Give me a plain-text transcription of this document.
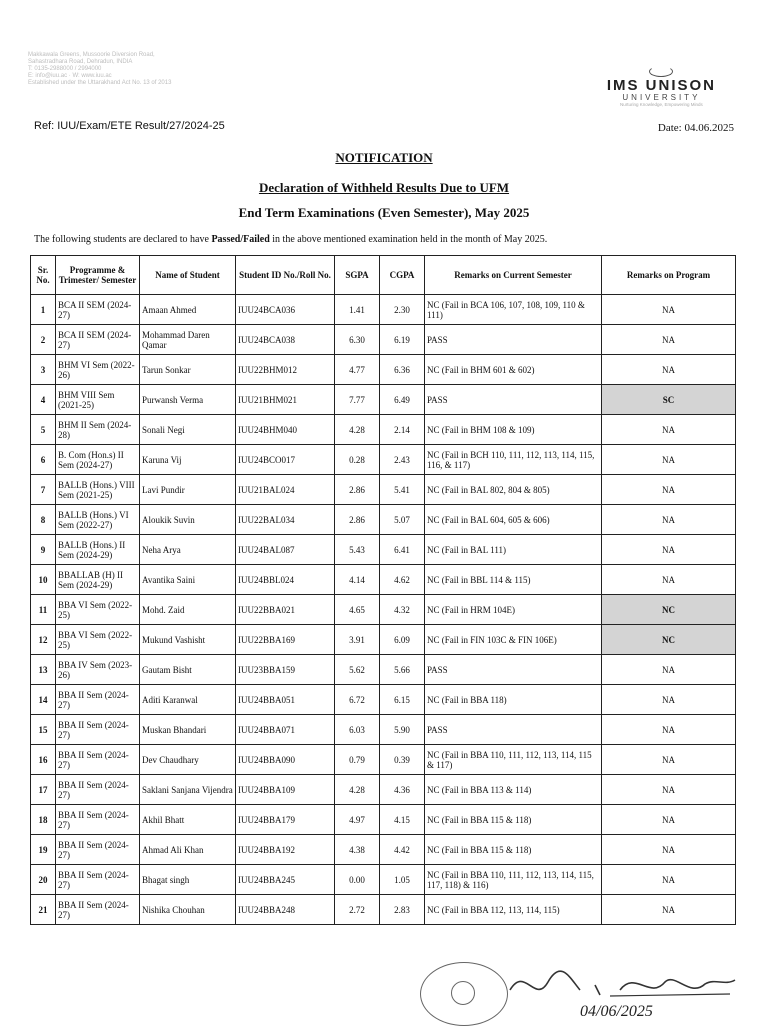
Makkawala Greens, Mussoorie Diversion Road,
Sahastradhara Road, Dehradun, INDIA
T: 0135-2988000 / 2994000
E: info@iuu.ac · W: www.iuu.ac
Established under the Uttarakhand Act No. 13 of 2013	IMS UNISON
UNIVERSITY
Nurturing Knowledge, Empowering Minds
Ref: IUU/Exam/ETE Result/27/2024-25	Date: 04.06.2025
NOTIFICATION
Declaration of Withheld Results Due to UFM
End Term Examinations (Even Semester), May 2025
The following students are declared to have Passed/Failed in the above mentioned examination held in the month of May 2025.
Sr. No.	Programme & Trimester/ Semester	Name of Student	Student ID No./Roll No.	SGPA	CGPA	Remarks on Current Semester	Remarks on Program
1	BCA II SEM (2024-27)	Amaan Ahmed	IUU24BCA036	1.41	2.30	NC (Fail in BCA 106, 107, 108, 109, 110 & 111)	NA
2	BCA II SEM (2024-27)	Mohammad Daren Qamar	IUU24BCA038	6.30	6.19	PASS	NA
3	BHM VI Sem (2022-26)	Tarun Sonkar	IUU22BHM012	4.77	6.36	NC (Fail in BHM 601 & 602)	NA
4	BHM VIII Sem (2021-25)	Purwansh Verma	IUU21BHM021	7.77	6.49	PASS	SC
5	BHM II Sem (2024-28)	Sonali Negi	IUU24BHM040	4.28	2.14	NC (Fail in BHM 108 & 109)	NA
6	B. Com (Hon.s) II Sem (2024-27)	Karuna Vij	IUU24BCO017	0.28	2.43	NC (Fail in BCH 110, 111, 112, 113, 114, 115, 116, & 117)	NA
7	BALLB (Hons.) VIII Sem (2021-25)	Lavi Pundir	IUU21BAL024	2.86	5.41	NC (Fail in BAL 802, 804 & 805)	NA
8	BALLB (Hons.) VI Sem (2022-27)	Aloukik Suvin	IUU22BAL034	2.86	5.07	NC (Fail in BAL 604, 605 & 606)	NA
9	BALLB (Hons.) II Sem (2024-29)	Neha Arya	IUU24BAL087	5.43	6.41	NC (Fail in BAL 111)	NA
10	BBALLAB (H) II Sem (2024-29)	Avantika Saini	IUU24BBL024	4.14	4.62	NC (Fail in BBL 114 & 115)	NA
11	BBA VI Sem (2022-25)	Mohd. Zaid	IUU22BBA021	4.65	4.32	NC (Fail in HRM 104E)	NC
12	BBA VI Sem (2022-25)	Mukund Vashisht	IUU22BBA169	3.91	6.09	NC (Fail in FIN 103C & FIN 106E)	NC
13	BBA IV Sem (2023-26)	Gautam Bisht	IUU23BBA159	5.62	5.66	PASS	NA
14	BBA II Sem (2024-27)	Aditi Karanwal	IUU24BBA051	6.72	6.15	NC (Fail in BBA 118)	NA
15	BBA II Sem (2024-27)	Muskan Bhandari	IUU24BBA071	6.03	5.90	PASS	NA
16	BBA II Sem (2024-27)	Dev Chaudhary	IUU24BBA090	0.79	0.39	NC (Fail in BBA 110, 111, 112, 113, 114, 115 & 117)	NA
17	BBA II Sem (2024-27)	Saklani Sanjana Vijendra	IUU24BBA109	4.28	4.36	NC (Fail in BBA 113 & 114)	NA
18	BBA II Sem (2024-27)	Akhil Bhatt	IUU24BBA179	4.97	4.15	NC (Fail in BBA 115 & 118)	NA
19	BBA II Sem (2024-27)	Ahmad Ali Khan	IUU24BBA192	4.38	4.42	NC (Fail in BBA 115 & 118)	NA
20	BBA II Sem (2024-27)	Bhagat singh	IUU24BBA245	0.00	1.05	NC (Fail in BBA 110, 111, 112, 113, 114, 115, 117, 118) & 116)	NA
21	BBA II Sem (2024-27)	Nishika Chouhan	IUU24BBA248	2.72	2.83	NC (Fail in BBA 112, 113, 114, 115)	NA
04/06/2025
